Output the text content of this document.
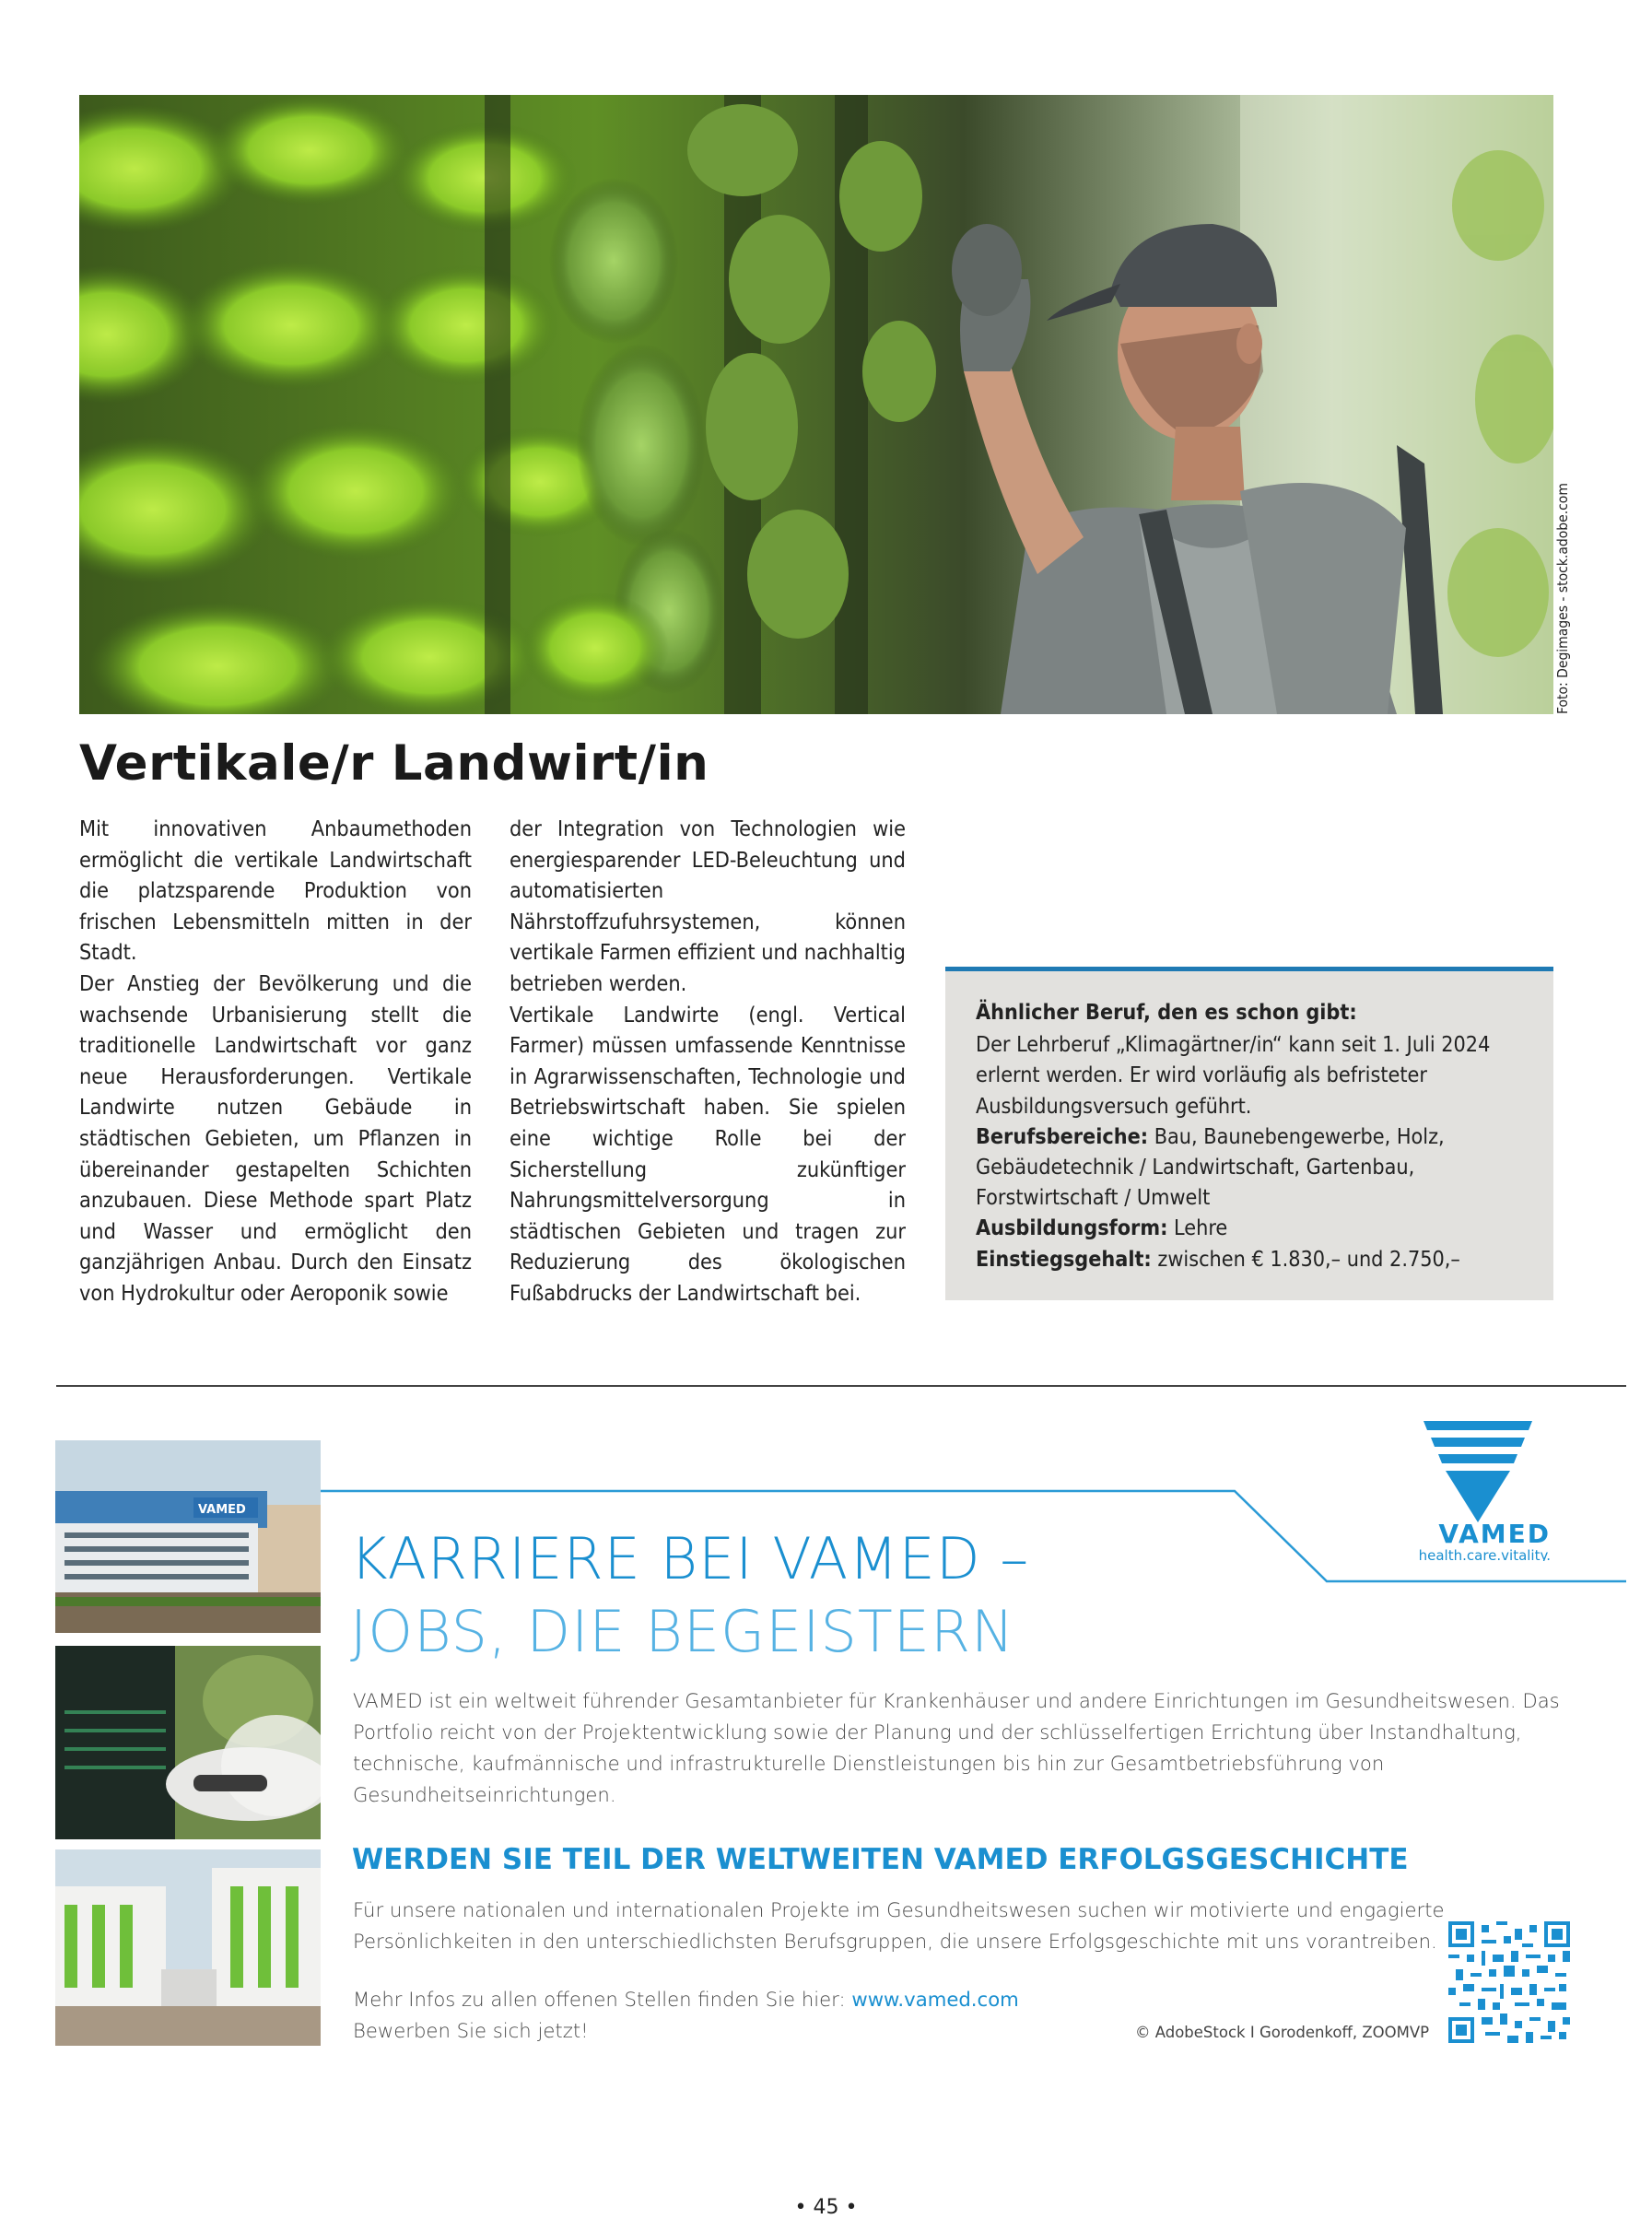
Foto: Degimages - stock.adobe.com
Vertikale/r Landwirt/in

Mit innovativen Anbaumethoden ermöglicht die vertikale Landwirtschaft die platzsparende Produktion von frischen Lebensmitteln mitten in der Stadt.

Der Anstieg der Bevölkerung und die wachsende Urbanisierung stellt die traditionelle Landwirtschaft vor ganz neue Herausforderungen. Vertikale Landwirte nutzen Gebäude in städtischen Gebieten, um Pflanzen in übereinander gestapelten Schichten anzubauen. Diese Methode spart Platz und Wasser und ermöglicht den ganzjährigen Anbau. Durch den Einsatz von Hydrokultur oder Aeroponik sowie

der Integration von Technologien wie energiesparender LED-Beleuchtung und automatisierten Nährstoffzufuhrsystemen, können vertikale Farmen effizient und nachhaltig betrieben werden.

Vertikale Landwirte (engl. Vertical Farmer) müssen umfassende Kenntnisse in Agrarwissenschaften, Technologie und Betriebswirtschaft haben. Sie spielen eine wichtige Rolle bei der Sicherstellung zukünftiger Nahrungsmittelversorgung in städtischen Gebieten und tragen zur Reduzierung des ökologischen Fußabdrucks der Landwirtschaft bei.

Ähnlicher Beruf, den es schon gibt:

Der Lehrberuf „Klimagärtner/in“ kann seit 1. Juli 2024 erlernt werden. Er wird vorläufig als befristeter Ausbildungsversuch geführt.

Berufsbereiche: Bau, Baunebengewerbe, Holz, Gebäudetechnik / Landwirtschaft, Gartenbau, Forstwirtschaft / Umwelt

Ausbildungsform: Lehre

Einstiegsgehalt: zwischen € 1.830,– und 2.750,–

VAMED
VAMED
health.care.vitality.
KARRIERE BEI VAMED –
JOBS, DIE BEGEISTERN

VAMED ist ein weltweit führender Gesamtanbieter für Krankenhäuser und andere Einrichtungen im Gesundheitswesen. Das Portfolio reicht von der Projektentwicklung sowie der Planung und der schlüsselfertigen Errichtung über Instandhaltung, technische, kaufmännische und infrastrukturelle Dienstleistungen bis hin zur Gesamtbetriebsführung von Gesundheitseinrichtungen.

WERDEN SIE TEIL DER WELTWEITEN VAMED ERFOLGSGESCHICHTE

Für unsere nationalen und internationalen Projekte im Gesundheitswesen suchen wir motivierte und engagierte Persönlichkeiten in den unterschiedlichsten Berufsgruppen, die unsere Erfolgsgeschichte mit uns vorantreiben.

Mehr Infos zu allen offenen Stellen finden Sie hier: www.vamed.com

Bewerben Sie sich jetzt!	© AdobeStock I Gorodenkoff, ZOOMVP
• 45 •
